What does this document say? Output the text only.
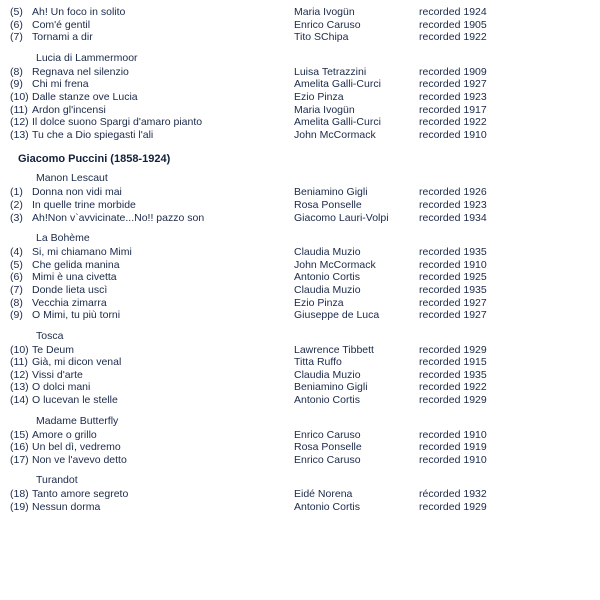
(5) Ah! Un foco in solito	Maria Ivogün	recorded 1924
(6) Com'é gentil	Enrico Caruso	recorded 1905
(7) Tornami a dir	Tito SChipa	recorded 1922
Lucia di Lammermoor
(8) Regnava nel silenzio	Luisa Tetrazzini	recorded 1909
(9) Chi mi frena	Amelita Galli-Curci	recorded 1927
(10) Dalle stanze ove Lucia	Ezio Pinza	recorded 1923
(11) Ardon gl'incensi	Maria Ivogün	recorded 1917
(12) Il dolce suono Spargi d'amaro pianto	Amelita Galli-Curci	recorded 1922
(13) Tu che a Dio spiegasti l'ali	John McCormack	recorded 1910
Giacomo Puccini (1858-1924)
Manon Lescaut
(1) Donna non vidi mai	Beniamino Gigli	recorded 1926
(2) In quelle trine morbide	Rosa Ponselle	recorded 1923
(3) Ah!Non v`avvicinate...No!! pazzo son	Giacomo Lauri-Volpi	recorded 1934
La Bohème
(4) Si, mi chiamano Mimi	Claudia Muzio	recorded 1935
(5) Che gelida manina	John McCormack	recorded 1910
(6) Mimi è una civetta	Antonio Cortis	recorded 1925
(7) Donde lieta uscì	Claudia Muzio	recorded 1935
(8) Vecchia zimarra	Ezio Pinza	recorded 1927
(9) O Mimi, tu più torni	Giuseppe de Luca	recorded 1927
Tosca
(10) Te Deum	Lawrence Tibbett	recorded 1929
(11) Già, mi dicon venal	Titta Ruffo	recorded 1915
(12) Vissi d'arte	Claudia Muzio	recorded 1935
(13) O dolci mani	Beniamino Gigli	recorded 1922
(14) O lucevan le stelle	Antonio Cortis	recorded 1929
Madame Butterfly
(15) Amore o grillo	Enrico Caruso	recorded 1910
(16) Un bel dì, vedremo	Rosa Ponselle	recorded 1919
(17) Non ve l'avevo detto	Enrico Caruso	recorded 1910
Turandot
(18) Tanto amore segreto	Eidé Norena	récorded 1932
(19) Nessun dorma	Antonio Cortis	recorded 1929
